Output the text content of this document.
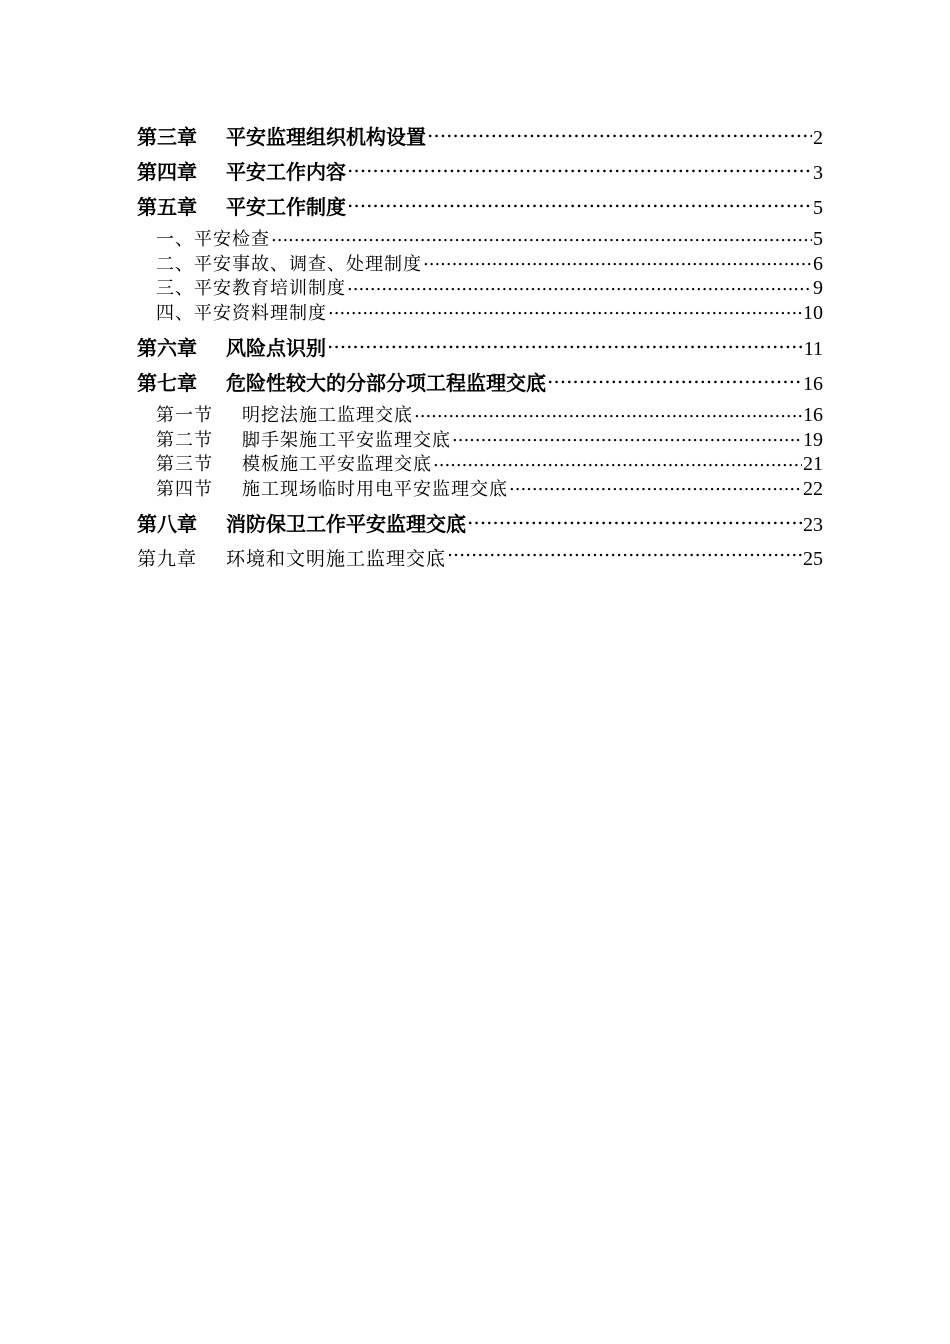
第三章 平安监理组织机构设置 .....	2
第四章 平安工作内容 .....	3
第五章 平安工作制度 .....	5
一、平安检查 .....	5
二、平安事故、调查、处理制度 .....	6
三、平安教育培训制度 .....	9
四、平安资料理制度 .....	10
第六章 风险点识别 .....	11
第七章 危险性较大的分部分项工程监理交底 .....	16
第一节 明挖法施工监理交底 .....	16
第二节 脚手架施工平安监理交底 .....	19
第三节 模板施工平安监理交底 .....	21
第四节 施工现场临时用电平安监理交底 .....	22
第八章 消防保卫工作平安监理交底 .....	23
第九章 环境和文明施工监理交底 .....	25
